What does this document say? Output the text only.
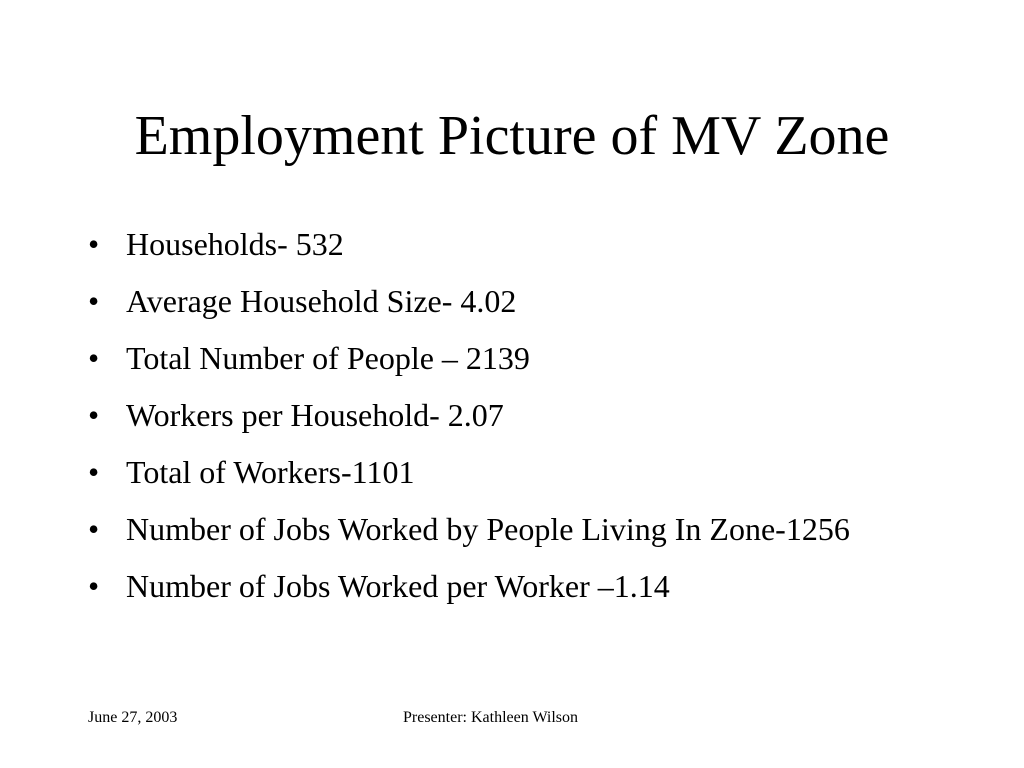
Employment Picture of MV Zone
• Households- 532
• Average Household Size- 4.02
• Total Number of People – 2139
• Workers per Household- 2.07
• Total of Workers-1101
• Number of Jobs Worked by People Living In Zone-1256
• Number of Jobs Worked per Worker –1.14
June 27, 2003	Presenter: Kathleen Wilson
